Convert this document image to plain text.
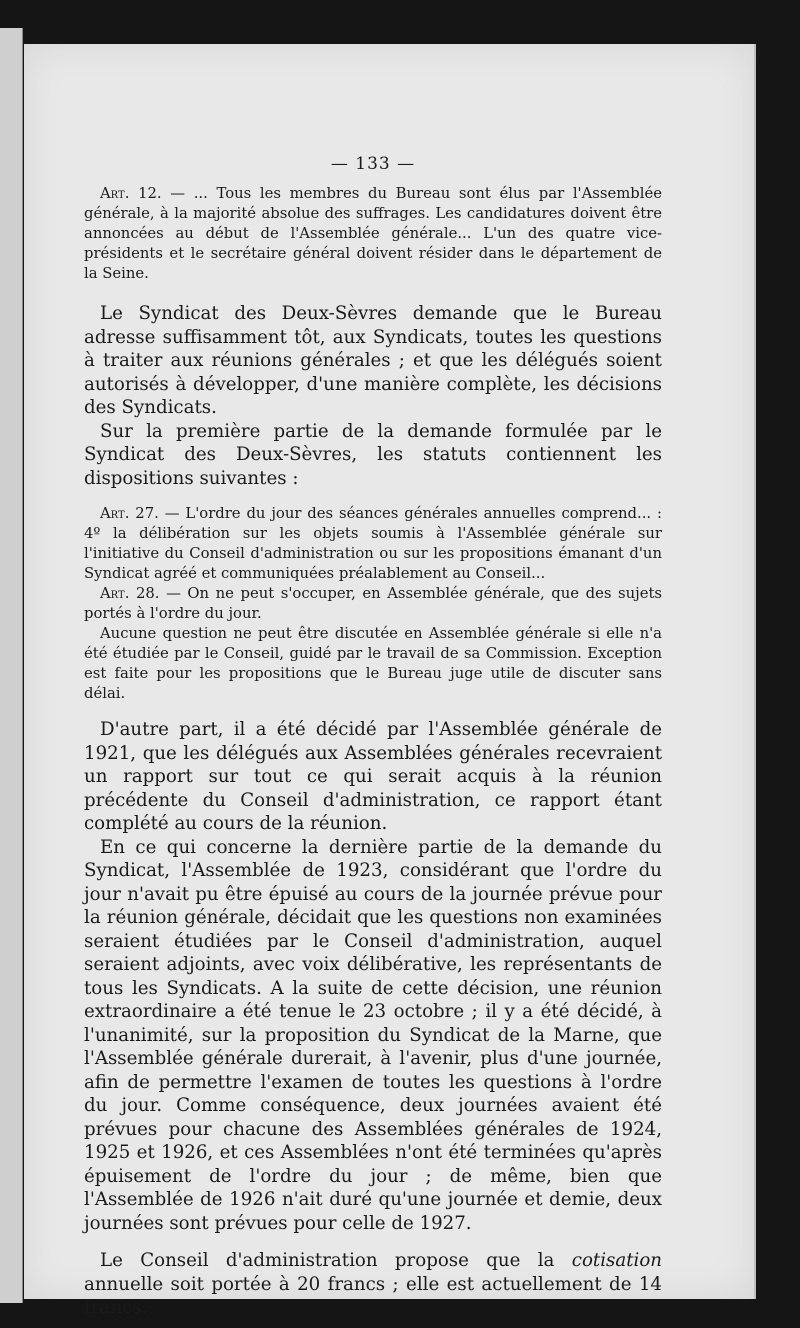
— 133 —

Art. 12. — ... Tous les membres du Bureau sont élus par l'Assemblée générale, à la majorité absolue des suffrages. Les candidatures doivent être annoncées au début de l'Assemblée générale... L'un des quatre vice-présidents et le secrétaire général doivent résider dans le département de la Seine.

Le Syndicat des Deux-Sèvres demande que le Bureau adresse suffisamment tôt, aux Syndicats, toutes les questions à traiter aux réunions générales ; et que les délégués soient autorisés à développer, d'une manière complète, les décisions des Syndicats.

Sur la première partie de la demande formulée par le Syndicat des Deux-Sèvres, les statuts contiennent les dispositions suivantes :

Art. 27. — L'ordre du jour des séances générales annuelles comprend... : 4º la délibération sur les objets soumis à l'Assemblée générale sur l'initiative du Conseil d'administration ou sur les propositions émanant d'un Syndicat agréé et communiquées préalablement au Conseil...

Art. 28. — On ne peut s'occuper, en Assemblée générale, que des sujets portés à l'ordre du jour.

Aucune question ne peut être discutée en Assemblée générale si elle n'a été étudiée par le Conseil, guidé par le travail de sa Commission. Exception est faite pour les propositions que le Bureau juge utile de discuter sans délai.

D'autre part, il a été décidé par l'Assemblée générale de 1921, que les délégués aux Assemblées générales recevraient un rapport sur tout ce qui serait acquis à la réunion précédente du Conseil d'administration, ce rapport étant complété au cours de la réunion.

En ce qui concerne la dernière partie de la demande du Syndicat, l'Assemblée de 1923, considérant que l'ordre du jour n'avait pu être épuisé au cours de la journée prévue pour la réunion générale, décidait que les questions non examinées seraient étudiées par le Conseil d'administration, auquel seraient adjoints, avec voix délibérative, les représentants de tous les Syndicats. A la suite de cette décision, une réunion extraordinaire a été tenue le 23 octobre ; il y a été décidé, à l'unanimité, sur la proposition du Syndicat de la Marne, que l'Assemblée générale durerait, à l'avenir, plus d'une journée, afin de permettre l'examen de toutes les questions à l'ordre du jour. Comme conséquence, deux journées avaient été prévues pour chacune des Assemblées générales de 1924, 1925 et 1926, et ces Assemblées n'ont été terminées qu'après épuisement de l'ordre du jour ; de même, bien que l'Assemblée de 1926 n'ait duré qu'une journée et demie, deux journées sont prévues pour celle de 1927.

Le Conseil d'administration propose que la cotisation annuelle soit portée à 20 francs ; elle est actuellement de 14 francs.
